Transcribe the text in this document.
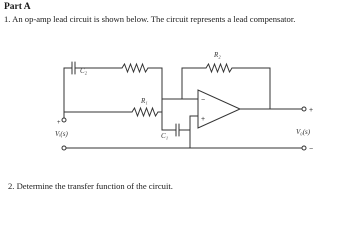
Part A
1. An op-amp lead circuit is shown below. The circuit represents a lead compensator.
R₂
R₁
C₂
C₁
Vᵢ(s)	V₀(s)
−
+
+
−
+
2. Determine the transfer function of the circuit.
